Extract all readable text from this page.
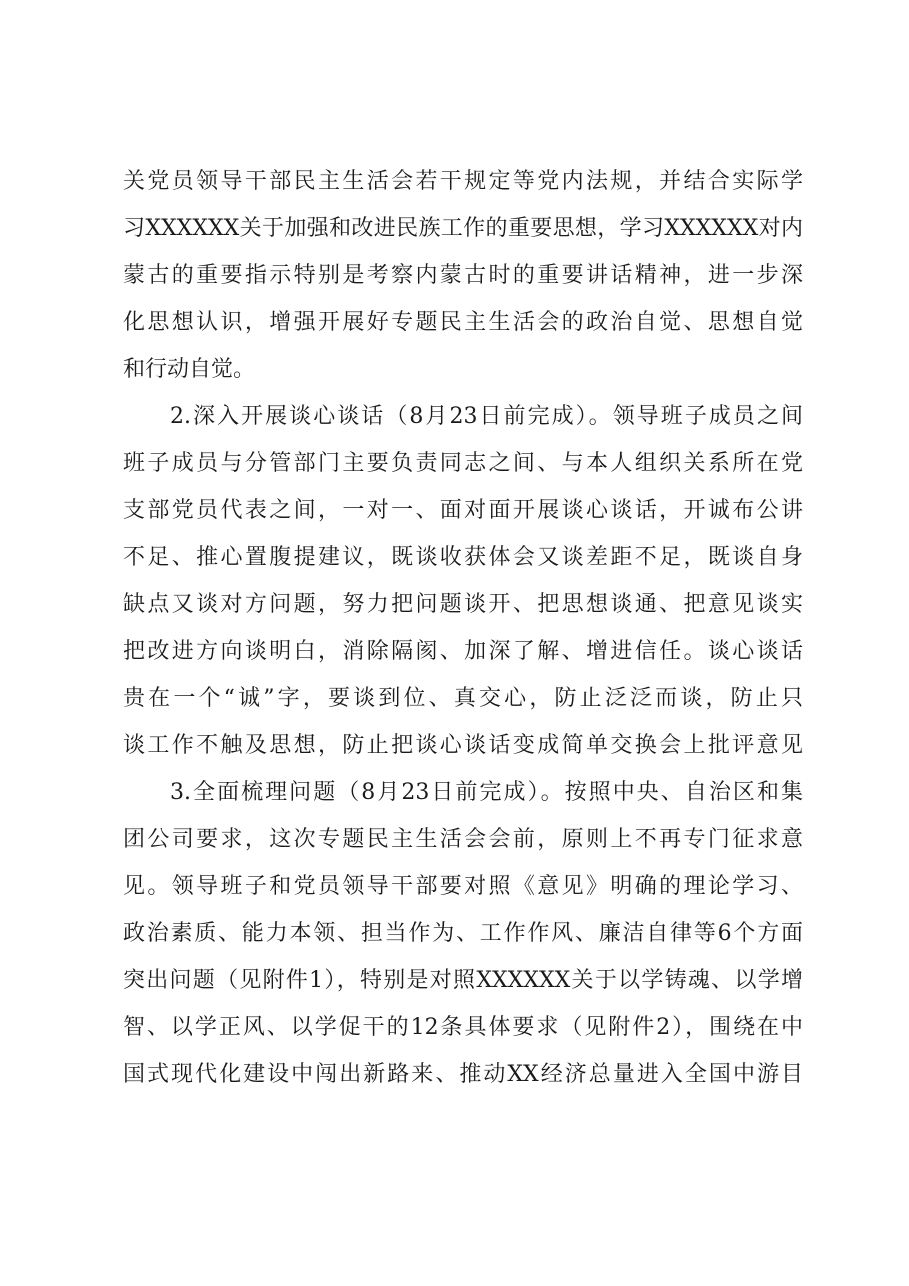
关党员领导干部民主生活会若干规定等党内法规，并结合实际学
习XXXXXX关于加强和改进民族工作的重要思想，学习XXXXXX对内
蒙古的重要指示特别是考察内蒙古时的重要讲话精神，进一步深
化思想认识，增强开展好专题民主生活会的政治自觉、思想自觉
和行动自觉。
2.深入开展谈心谈话（8月23日前完成）。领导班子成员之间
班子成员与分管部门主要负责同志之间、与本人组织关系所在党
支部党员代表之间，一对一、面对面开展谈心谈话，开诚布公讲
不足、推心置腹提建议，既谈收获体会又谈差距不足，既谈自身
缺点又谈对方问题，努力把问题谈开、把思想谈通、把意见谈实
把改进方向谈明白，消除隔阂、加深了解、增进信任。谈心谈话
贵在一个“诚”字，要谈到位、真交心，防止泛泛而谈，防止只
谈工作不触及思想，防止把谈心谈话变成简单交换会上批评意见
3.全面梳理问题（8月23日前完成）。按照中央、自治区和集
团公司要求，这次专题民主生活会会前，原则上不再专门征求意
见。领导班子和党员领导干部要对照《意见》明确的理论学习、
政治素质、能力本领、担当作为、工作作风、廉洁自律等6个方面
突出问题（见附件1），特别是对照XXXXXX关于以学铸魂、以学增
智、以学正风、以学促干的12条具体要求（见附件2），围绕在中
国式现代化建设中闯出新路来、推动XX经济总量进入全国中游目
